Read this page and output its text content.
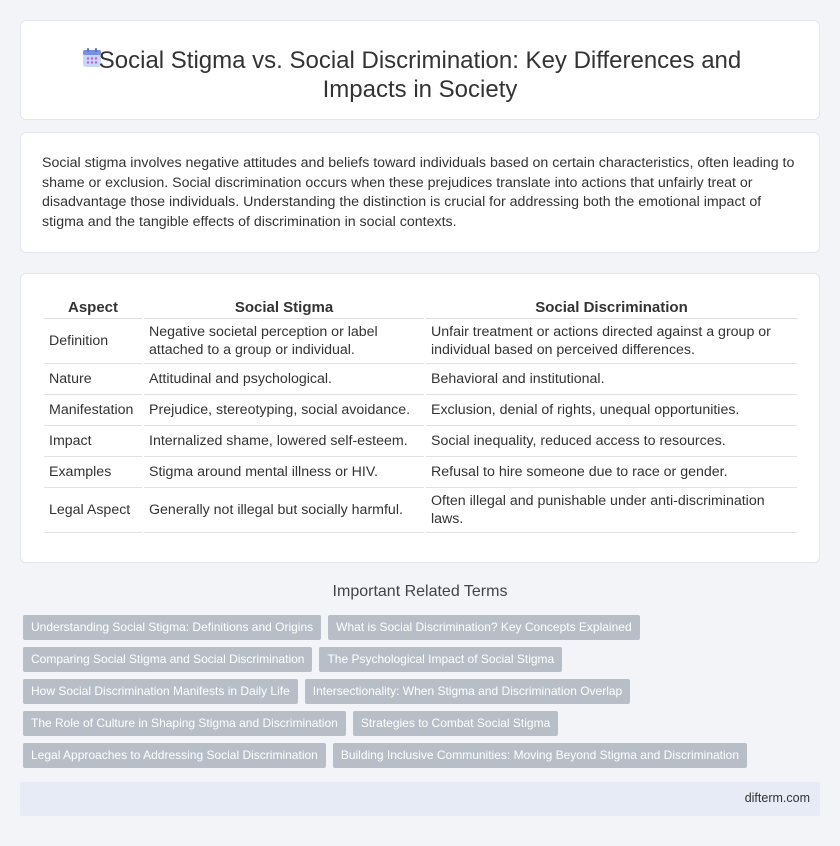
Social Stigma vs. Social Discrimination: Key Differences and Impacts in Society

Social stigma involves negative attitudes and beliefs toward individuals based on certain characteristics, often leading to shame or exclusion. Social discrimination occurs when these prejudices translate into actions that unfairly treat or disadvantage those individuals. Understanding the distinction is crucial for addressing both the emotional impact of stigma and the tangible effects of discrimination in social contexts.

Aspect	Social Stigma	Social Discrimination
Definition	Negative societal perception or label attached to a group or individual.	Unfair treatment or actions directed against a group or individual based on perceived differences.
Nature	Attitudinal and psychological.	Behavioral and institutional.
Manifestation	Prejudice, stereotyping, social avoidance.	Exclusion, denial of rights, unequal opportunities.
Impact	Internalized shame, lowered self-esteem.	Social inequality, reduced access to resources.
Examples	Stigma around mental illness or HIV.	Refusal to hire someone due to race or gender.
Legal Aspect	Generally not illegal but socially harmful.	Often illegal and punishable under anti-discrimination laws.
Important Related Terms
Understanding Social Stigma: Definitions and Origins	What is Social Discrimination? Key Concepts Explained
Comparing Social Stigma and Social Discrimination	The Psychological Impact of Social Stigma
How Social Discrimination Manifests in Daily Life	Intersectionality: When Stigma and Discrimination Overlap
The Role of Culture in Shaping Stigma and Discrimination	Strategies to Combat Social Stigma
Legal Approaches to Addressing Social Discrimination	Building Inclusive Communities: Moving Beyond Stigma and Discrimination
difterm.com
